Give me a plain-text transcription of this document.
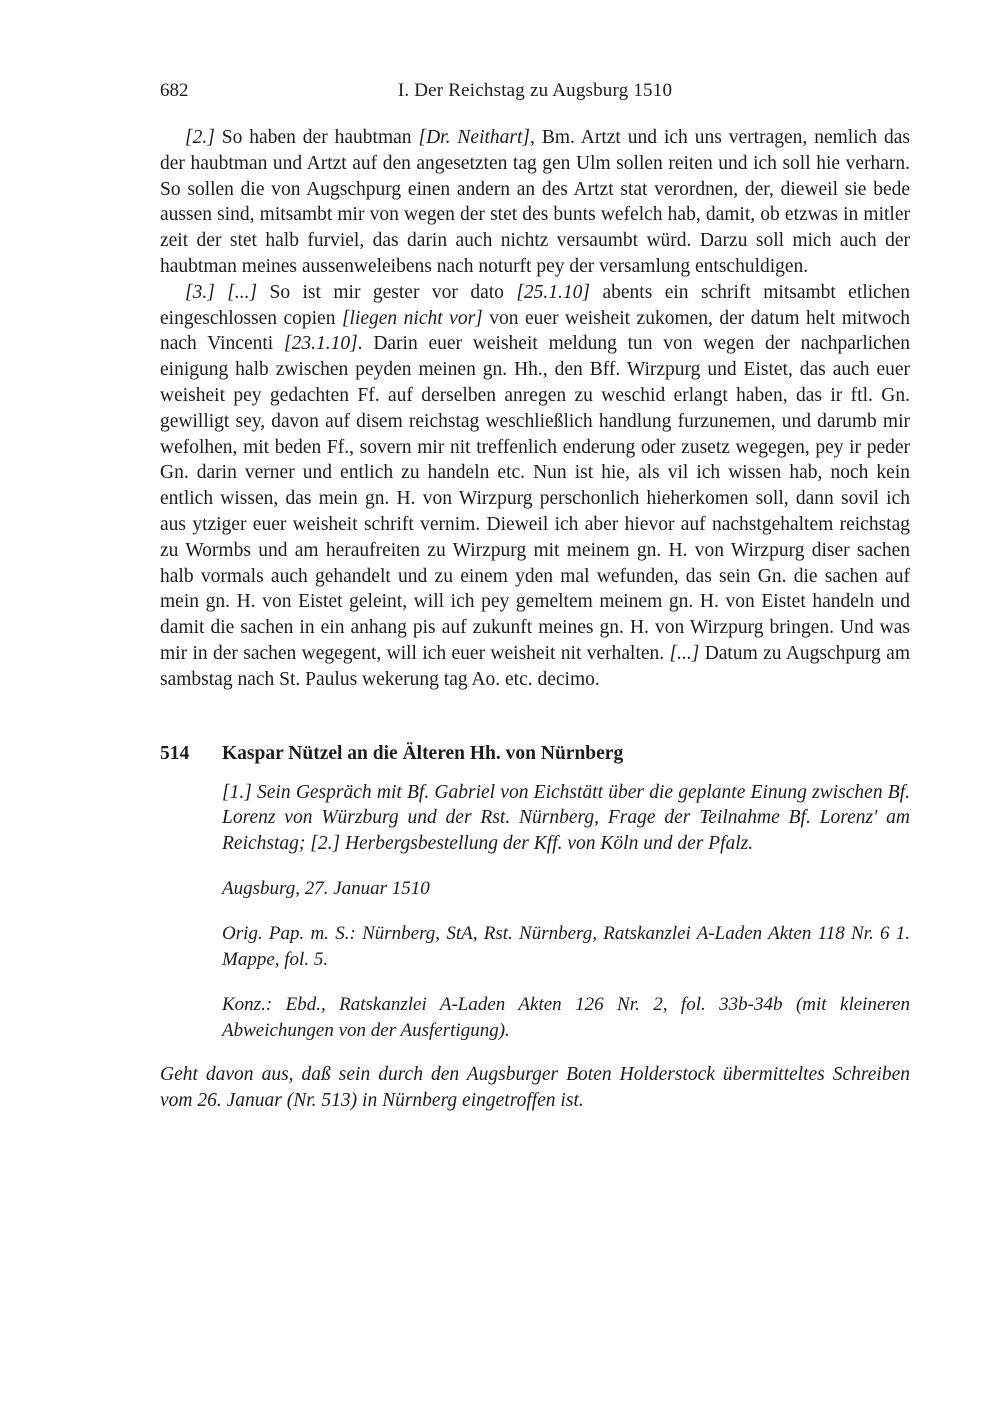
682	I. Der Reichstag zu Augsburg 1510

[2.] So haben der haubtman [Dr. Neithart], Bm. Artzt und ich uns vertragen, nemlich das der haubtman und Artzt auf den angesetzten tag gen Ulm sollen reiten und ich soll hie verharn. So sollen die von Augschpurg einen andern an des Artzt stat verordnen, der, dieweil sie bede aussen sind, mitsambt mir von wegen der stet des bunts wefelch hab, damit, ob etzwas in mitler zeit der stet halb furviel, das darin auch nichtz versaumbt würd. Darzu soll mich auch der haubtman meines aussenweleibens nach noturft pey der versamlung entschuldigen.

[3.] [...] So ist mir gester vor dato [25.1.10] abents ein schrift mitsambt etlichen eingeschlossen copien [liegen nicht vor] von euer weisheit zukomen, der datum helt mitwoch nach Vincenti [23.1.10]. Darin euer weisheit meldung tun von wegen der nachparlichen einigung halb zwischen peyden meinen gn. Hh., den Bff. Wirzpurg und Eistet, das auch euer weisheit pey gedachten Ff. auf derselben anregen zu weschid erlangt haben, das ir ftl. Gn. gewilligt sey, davon auf disem reichstag weschließlich handlung furzunemen, und darumb mir wefolhen, mit beden Ff., sovern mir nit treffenlich enderung oder zusetz wegegen, pey ir peder Gn. darin verner und entlich zu handeln etc. Nun ist hie, als vil ich wissen hab, noch kein entlich wissen, das mein gn. H. von Wirzpurg perschonlich hieherkomen soll, dann sovil ich aus ytziger euer weisheit schrift vernim. Dieweil ich aber hievor auf nachstgehaltem reichstag zu Wormbs und am heraufreiten zu Wirzpurg mit meinem gn. H. von Wirzpurg diser sachen halb vormals auch gehandelt und zu einem yden mal wefunden, das sein Gn. die sachen auf mein gn. H. von Eistet geleint, will ich pey gemeltem meinem gn. H. von Eistet handeln und damit die sachen in ein anhang pis auf zukunft meines gn. H. von Wirzpurg bringen. Und was mir in der sachen wegegent, will ich euer weisheit nit verhalten. [...] Datum zu Augschpurg am sambstag nach St. Paulus wekerung tag Ao. etc. decimo.

514	Kaspar Nützel an die Älteren Hh. von Nürnberg

[1.] Sein Gespräch mit Bf. Gabriel von Eichstätt über die geplante Einung zwischen Bf. Lorenz von Würzburg und der Rst. Nürnberg, Frage der Teilnahme Bf. Lorenz' am Reichstag; [2.] Herbergsbestellung der Kff. von Köln und der Pfalz.

Augsburg, 27. Januar 1510

Orig. Pap. m. S.: Nürnberg, StA, Rst. Nürnberg, Ratskanzlei A-Laden Akten 118 Nr. 6 1. Mappe, fol. 5.

Konz.: Ebd., Ratskanzlei A-Laden Akten 126 Nr. 2, fol. 33b-34b (mit kleineren Abweichungen von der Ausfertigung).

Geht davon aus, daß sein durch den Augsburger Boten Holderstock übermitteltes Schreiben vom 26. Januar (Nr. 513) in Nürnberg eingetroffen ist.
